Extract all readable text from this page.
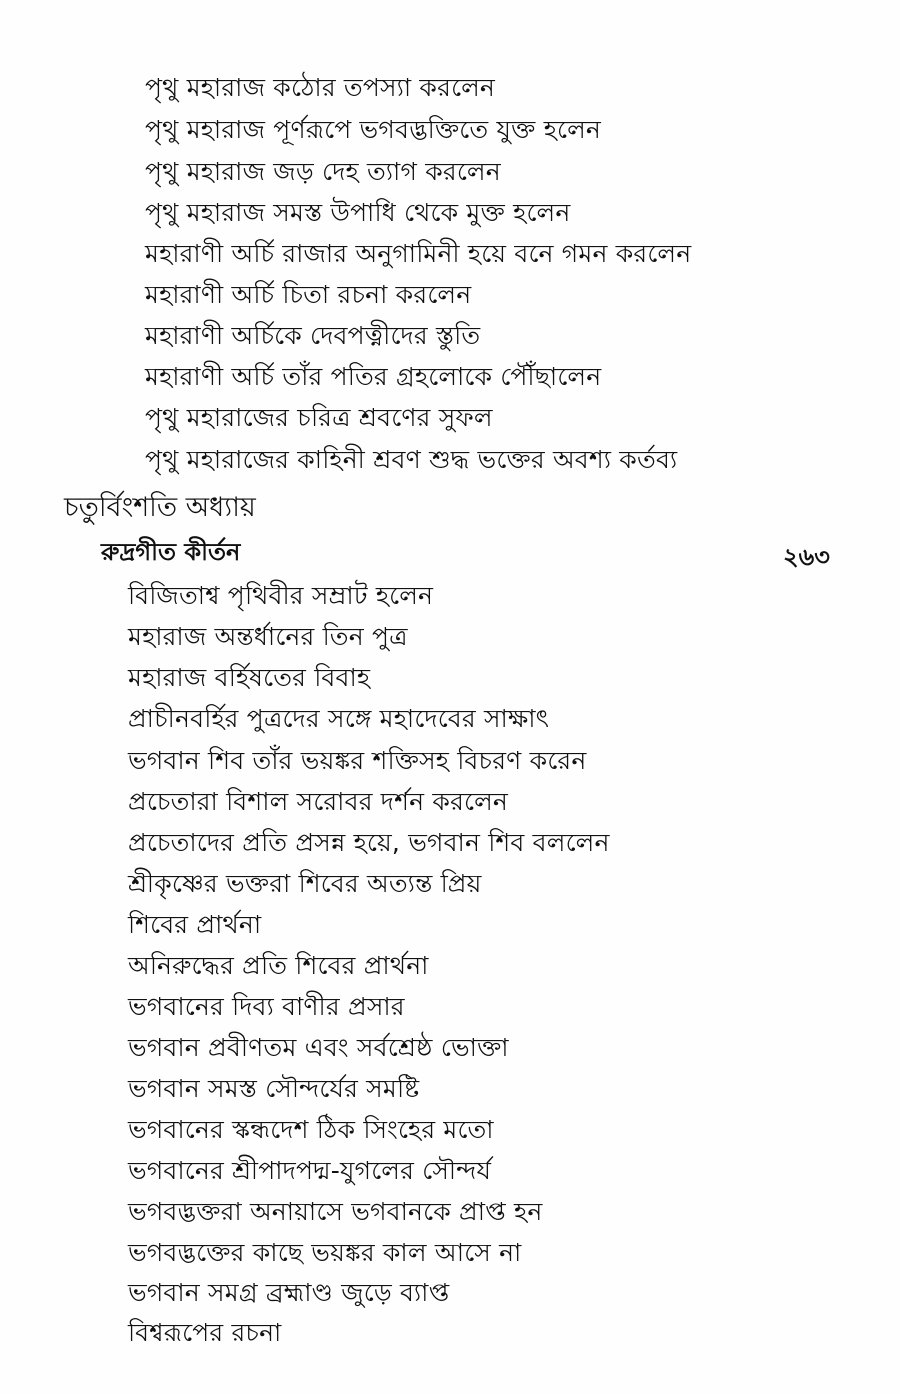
পৃথু মহারাজ কঠোর তপস্যা করলেন
পৃথু মহারাজ পূর্ণরূপে ভগবদ্ভক্তিতে যুক্ত হলেন
পৃথু মহারাজ জড় দেহ ত্যাগ করলেন
পৃথু মহারাজ সমস্ত উপাধি থেকে মুক্ত হলেন
মহারাণী অর্চি রাজার অনুগামিনী হয়ে বনে গমন করলেন
মহারাণী অর্চি চিতা রচনা করলেন
মহারাণী অর্চিকে দেবপত্নীদের স্তুতি
মহারাণী অর্চি তাঁর পতির গ্রহলোকে পৌঁছালেন
পৃথু মহারাজের চরিত্র শ্রবণের সুফল
পৃথু মহারাজের কাহিনী শ্রবণ শুদ্ধ ভক্তের অবশ্য কর্তব্য
চতুর্বিংশতি অধ্যায়
রুদ্রগীত কীর্তন	২৬৩
বিজিতাশ্ব পৃথিবীর সম্রাট হলেন
মহারাজ অন্তর্ধানের তিন পুত্র
মহারাজ বর্হিষতের বিবাহ
প্রাচীনবর্হির পুত্রদের সঙ্গে মহাদেবের সাক্ষাৎ
ভগবান শিব তাঁর ভয়ঙ্কর শক্তিসহ বিচরণ করেন
প্রচেতারা বিশাল সরোবর দর্শন করলেন
প্রচেতাদের প্রতি প্রসন্ন হয়ে, ভগবান শিব বললেন
শ্রীকৃষ্ণের ভক্তরা শিবের অত্যন্ত প্রিয়
শিবের প্রার্থনা
অনিরুদ্ধের প্রতি শিবের প্রার্থনা
ভগবানের দিব্য বাণীর প্রসার
ভগবান প্রবীণতম এবং সর্বশ্রেষ্ঠ ভোক্তা
ভগবান সমস্ত সৌন্দর্যের সমষ্টি
ভগবানের স্কন্ধদেশ ঠিক সিংহের মতো
ভগবানের শ্রীপাদপদ্ম-যুগলের সৌন্দর্য
ভগবদ্ভক্তরা অনায়াসে ভগবানকে প্রাপ্ত হন
ভগবদ্ভক্তের কাছে ভয়ঙ্কর কাল আসে না
ভগবান সমগ্র ব্রহ্মাণ্ড জুড়ে ব্যাপ্ত
বিশ্বরূপের রচনা
